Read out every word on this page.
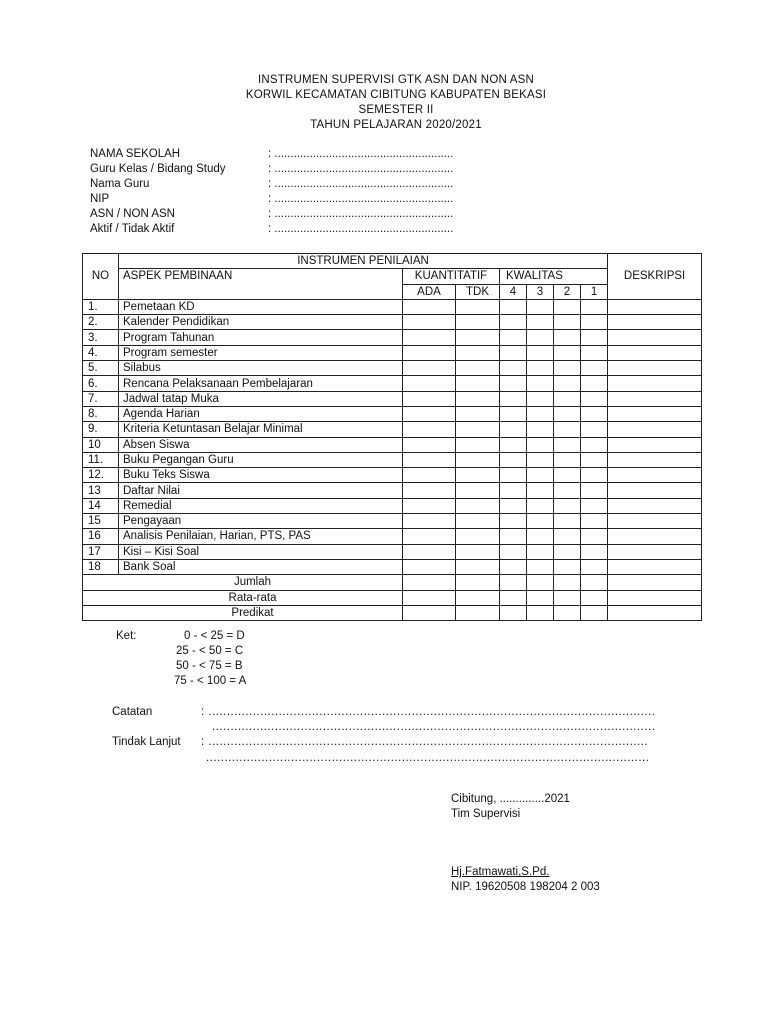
INSTRUMEN SUPERVISI GTK ASN DAN NON ASN
KORWIL KECAMATAN CIBITUNG KABUPATEN BEKASI
SEMESTER II
TAHUN PELAJARAN 2020/2021
NAMA SEKOLAH	: ........................................................
Guru Kelas / Bidang Study	: ........................................................
Nama Guru	: ........................................................
NIP	: ........................................................
ASN / NON ASN	: ........................................................
Aktif / Tidak Aktif	: ........................................................
NO	INSTRUMEN PENILAIAN							DESKRIPSI
	ASPEK PEMBINAAN	KUANTITATIF		KWALITAS				
		ADA	TDK	4	3	2	1	
1.	Pemetaan KD							
2.	Kalender Pendidikan							
3.	Program Tahunan							
4.	Program semester							
5.	Silabus							
6.	Rencana Pelaksanaan Pembelajaran							
7.	Jadwal tatap Muka							
8.	Agenda Harian							
9.	Kriteria Ketuntasan Belajar Minimal							
10	Absen Siswa							
11.	Buku Pegangan Guru							
12.	Buku Teks Siswa							
13	Daftar Nilai							
14	Remedial							
15	Pengayaan							
16	Analisis Penilaian, Harian, PTS, PAS							
17	Kisi – Kisi Soal							
18	Bank Soal							
Jumlah								
Rata-rata								
Predikat								
Ket:	0 - < 25 = D
25 - < 50 = C
50 - < 75 = B
75 - < 100 = A
Catatan	: .........................................................................................................................
........................................................................................................................
Tindak Lanjut : .......................................................................................................................
........................................................................................................................
Cibitung, ..............2021
Tim Supervisi
Hj.Fatmawati,S.Pd.
NIP. 19620508 198204 2 003
